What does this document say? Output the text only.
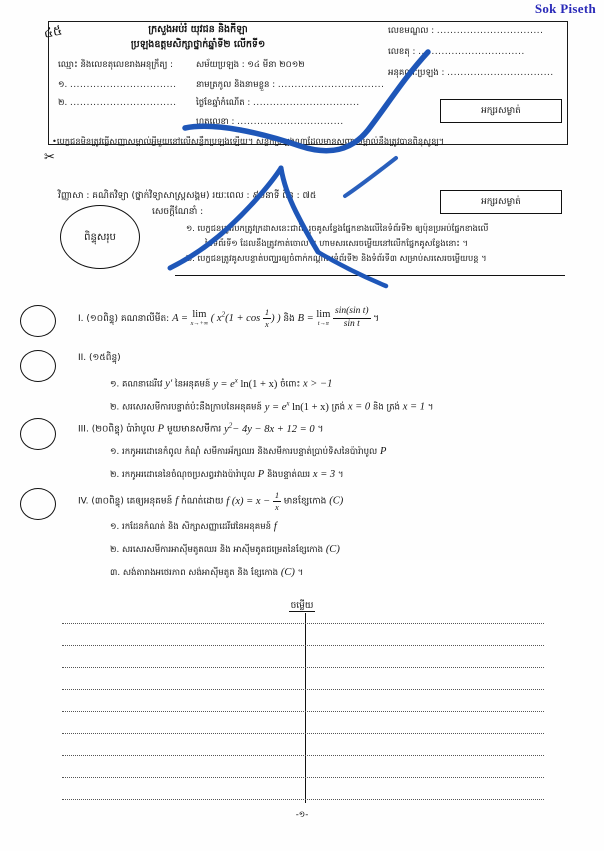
Sok Piseth
៤៥	ក្រសួងអប់រំ យុវជន និងកីឡា
ប្រឡងឧត្តមសិក្សាថ្នាក់ឆ្នាំទី២ លើកទី១
ឈ្មោះ និងលេខតុលេខរាងអនុក្រឹត្យ :
១. ................................
២. ................................
សម័យប្រឡង : ១៤ មីនា ២០១២
នាមត្រកូល និងនាមខ្លួន : ................................
ថ្ងៃខែឆ្នាំកំណើត : ................................
ហត្ថលេខា : ................................
លេខមណ្ឌល : ................................
លេខតុ : ................................
អនុគណៈប្រឡង : ................................
អក្សរសម្ងាត់
•បេក្ខជនមិនត្រូវធ្វើសញ្ញាសម្គាល់អ្វីមួយនៅលើសន្លឹកប្រឡងឡើយ។ សន្លឹកប្រឡងណាដែលមានសញ្ញាសម្គាល់នឹងត្រូវបានពិនុសូន្យ។
✂
វិញ្ញាសា : គណិតវិទ្យា (ថ្នាក់វិទ្យាសាស្ត្រសង្គម) រយៈពេល : ៩០នាទី ពិន្ទុ : ៧៥
អក្សរសម្ងាត់
សេចក្ដីណែនាំ :
ពិន្ទុសរុប
១. បេក្ខជនត្រូវរបកត្រូវក្រដាសនេះជាពីរ រួចគូសខ្វែងផ្នែកខាងលើនៃទំព័រទី២ ឲ្យប៉ុនប្រអប់ផ្នែកខាងលើ
នៃទំព័រទី១ ដែលនឹងត្រូវកាត់ចោល ។ ហាមសរសេរចម្លើយនៅលើកផ្នែកគូសខ្វែងនោះ ។
២. បេក្ខជនត្រូវគូសបន្ទាត់បញ្ឈរឲ្យចំពាក់កណ្ដាលទំព័រទី២ និងទំព័រទី៣ សម្រាប់សរសេរចម្លើយបន្ត ។
I. (១០ពិន្ទុ) គណនាលីមីត: A = lim
x→+∞ ( $x^2(1 + \cos \frac{1}{x}$ ) ) និង B = lim
t→π
$\frac{\text{sin(sin t)}}{\text{sin t}}$ ។
II. (១៥ពិន្ទុ)
១. គណនាដេរីវេ y′ នៃអនុគមន៍ $y = e^x$ ln(1 + x) ចំពោះ x > −1
២. សរសេរសមីការបន្ទាត់ប៉ះនឹងក្រាបនៃអនុគមន៍ $y = e^x$ ln(1 + x) ត្រង់ x = 0 និង ត្រង់ x = 1 ។
III. (២០ពិន្ទុ) ប៉ារ៉ាបូល P មួយមានសមីការ $y^2- 4y - 8x + 12 = 0$ ។
១. រកកូអរដោនេកំពូល កំណុំ សមីការអ័ក្សឈរ និងសមីការបន្ទាត់ប្រាប់ទិសនៃប៉ារ៉ាបូល P
២. រកកូអរដោនេនៃចំណុចប្រសព្វរវាងប៉ារ៉ាបូល P និងបន្ទាត់ឈរ x = 3 ។
IV. (៣០ពិន្ទុ) គេឲ្យអនុគមន៍ f កំណត់ដោយ f $(x) = x - \frac{1}{x}$ មានខ្សែកោង (C)
១. រកដែនកំណត់ និង សិក្សាសញ្ញាដេរីវេនៃអនុគមន៍ f
២. សរសេរសមីការអាស៊ីមតូតឈរ និង អាស៊ីមតូតជម្រេតនៃខ្សែកោង (C)
៣. សង់តារាងអថេរភាព សង់អាស៊ីមតូត និង ខ្សែកោង (C) ។
ចម្លើយ
-១-
